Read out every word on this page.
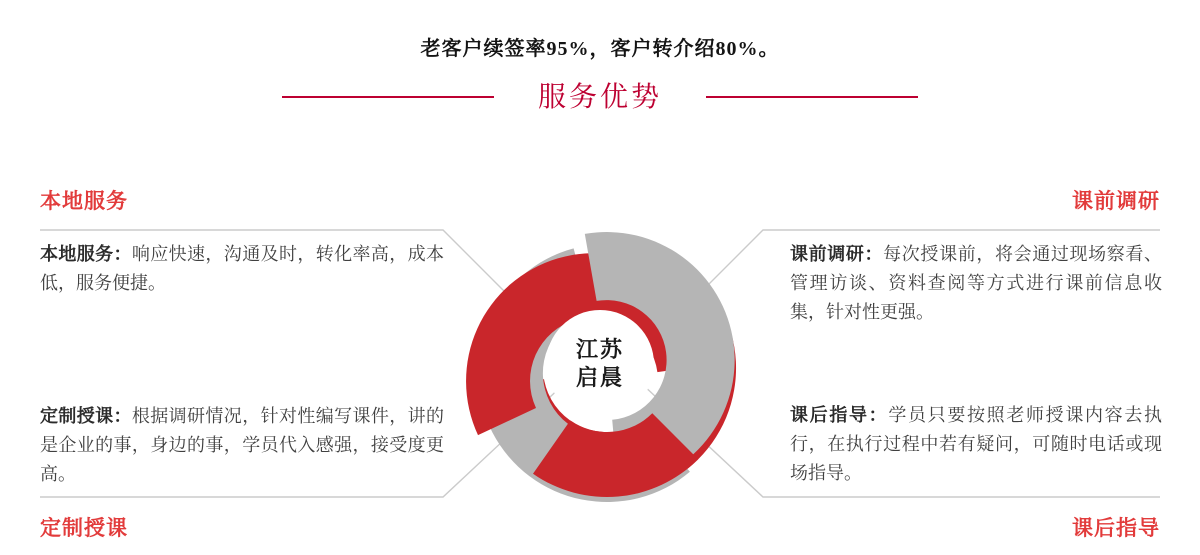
老客户续签率95%，客户转介绍80%。
服务优势
江苏
启晨
本地服务	课前调研
定制授课	课后指导
本地服务：响应快速，沟通及时，转化率高，成本低，服务便捷。
课前调研：每次授课前，将会通过现场察看、管理访谈、资料查阅等方式进行课前信息收集，针对性更强。
定制授课：根据调研情况，针对性编写课件，讲的是企业的事，身边的事，学员代入感强，接受度更高。
课后指导：学员只要按照老师授课内容去执行，在执行过程中若有疑问，可随时电话或现场指导。
